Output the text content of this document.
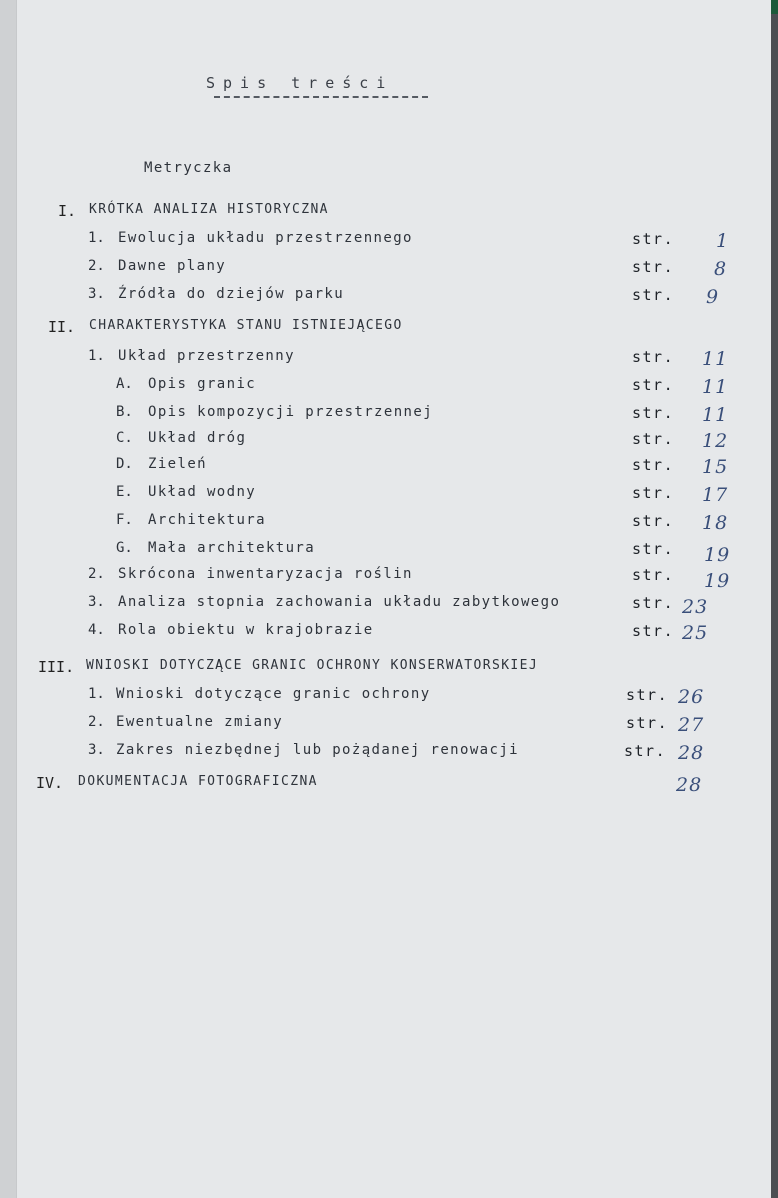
Spis treści
Metryczka
I. KRÓTKA ANALIZA HISTORYCZNA
1. Ewolucja układu przestrzennego	str. 1
2. Dawne plany	str. 8
3. Źródła do dziejów parku	str. 9
II. CHARAKTERYSTYKA STANU ISTNIEJĄCEGO
1. Układ przestrzenny	str. 11
A. Opis granic	str. 11
B. Opis kompozycji przestrzennej	str. 11
C. Układ dróg	str. 12
D. Zieleń	str. 15
E. Układ wodny	str. 17
F. Architektura	str. 18
G. Mała architektura	str. 19
2. Skrócona inwentaryzacja roślin	str. 19
3. Analiza stopnia zachowania układu zabytkowego	str. 23
4. Rola obiektu w krajobrazie	str. 25
III. WNIOSKI DOTYCZĄCE GRANIC OCHRONY KONSERWATORSKIEJ
1. Wnioski dotyczące granic ochrony	str. 26
2. Ewentualne zmiany	str. 27
3. Zakres niezbędnej lub pożądanej renowacji	str. 28
IV. DOKUMENTACJA FOTOGRAFICZNA	28
